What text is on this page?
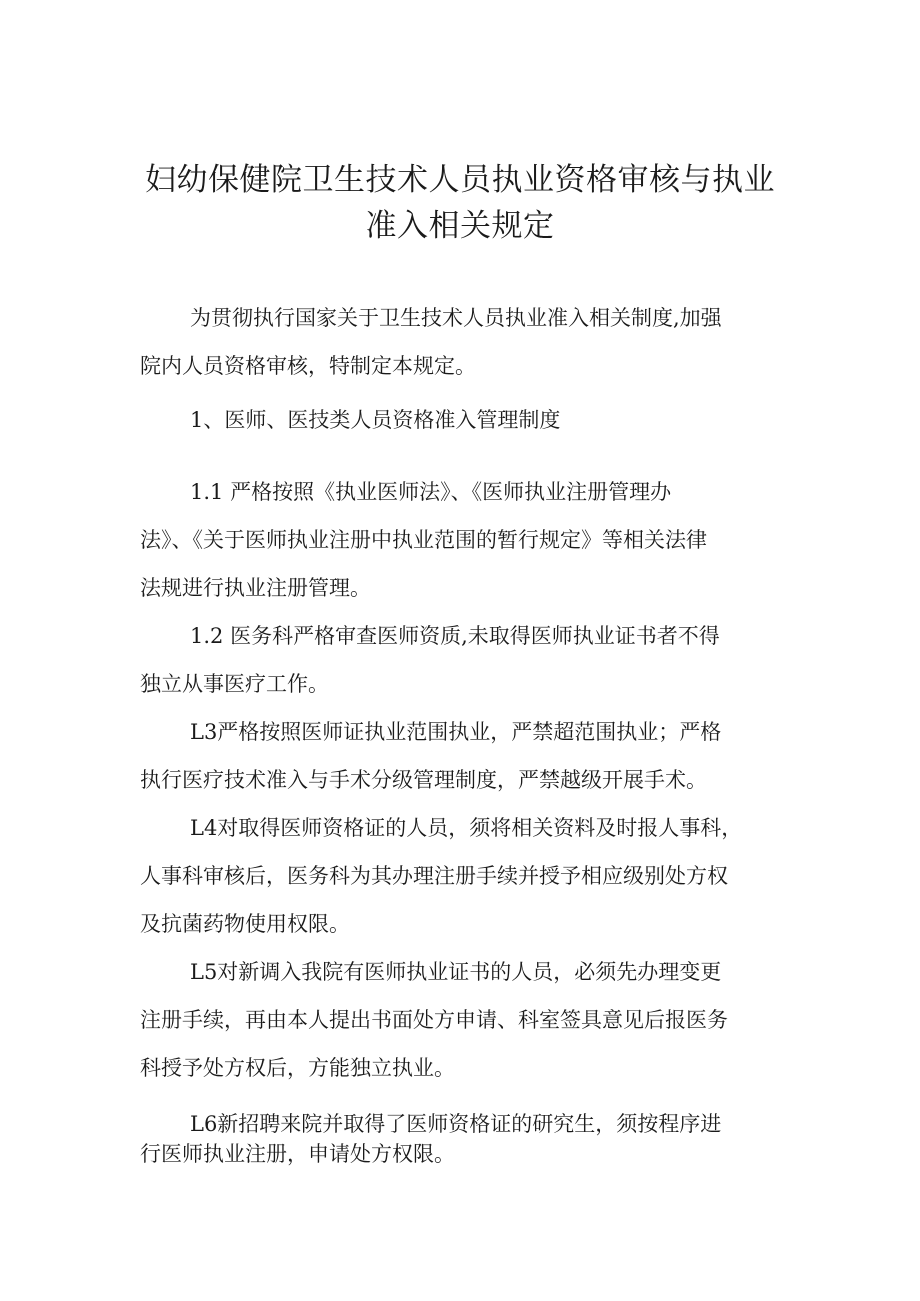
妇幼保健院卫生技术人员执业资格审核与执业
准入相关规定

为贯彻执行国家关于卫生技术人员执业准入相关制度,加强

院内人员资格审核，特制定本规定。

1、医师、医技类人员资格准入管理制度

1.1 严格按照《执业医师法》、《医师执业注册管理办

法》、《关于医师执业注册中执业范围的暂行规定》等相关法律

法规进行执业注册管理。

1.2 医务科严格审查医师资质,未取得医师执业证书者不得

独立从事医疗工作。

L3严格按照医师证执业范围执业，严禁超范围执业；严格

执行医疗技术准入与手术分级管理制度，严禁越级开展手术。

L4对取得医师资格证的人员，须将相关资料及时报人事科，

人事科审核后，医务科为其办理注册手续并授予相应级别处方权

及抗菌药物使用权限。

L5对新调入我院有医师执业证书的人员，必须先办理变更

注册手续，再由本人提出书面处方申请、科室签具意见后报医务

科授予处方权后，方能独立执业。

L6新招聘来院并取得了医师资格证的研究生，须按程序进

行医师执业注册，申请处方权限。
